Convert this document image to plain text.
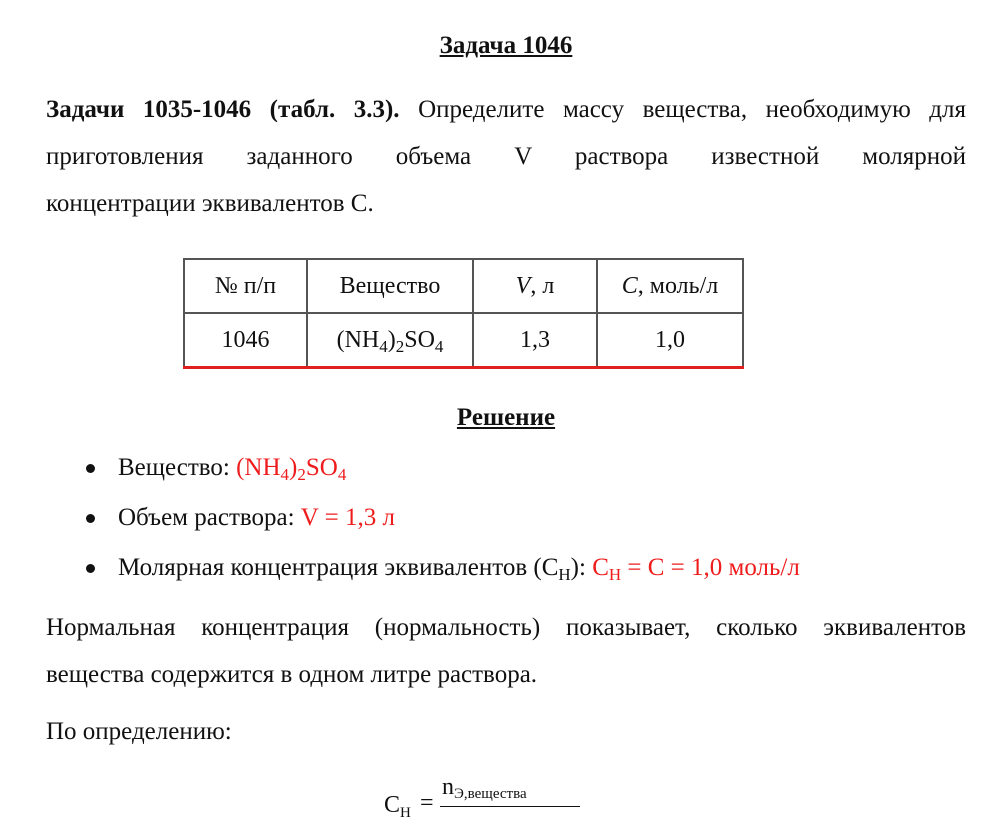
Задача 1046
Задачи 1035-1046 (табл. 3.3). Определите массу вещества, необходимую для
приготовления заданного объема V раствора известной молярной
концентрации эквивалентов С.
№ п/п	Вещество	V, л	C, моль/л
1046	$(NH_4)_2SO_4$	1,3	1,0
Решение
Вещество: $(NH_4)_2SO_4$
Объем раствора: V = 1,3 л
Молярная концентрация эквивалентов $(C_H)$: $C_H = C = 1,0$ моль/л
Нормальная концентрация (нормальность) показывает, сколько эквивалентов
вещества содержится в одном литре раствора.
По определению:
$C_H$ =
$n_{Э,вещества}$
